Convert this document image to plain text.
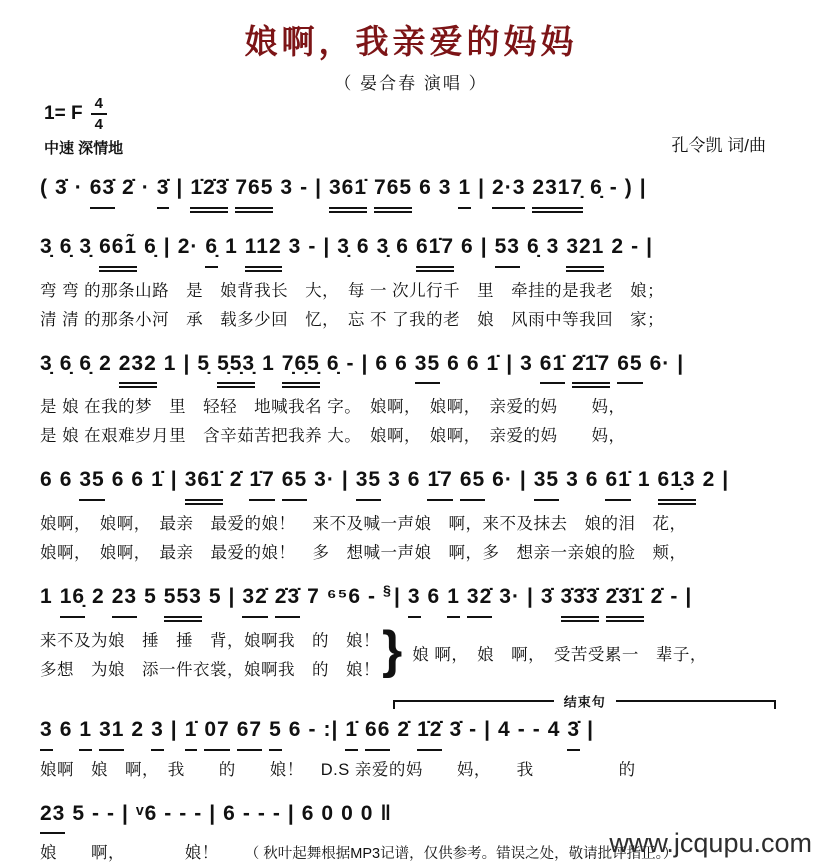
娘啊，我亲爱的妈妈
（ 晏合春 演唱 ）
1= F $\frac{4}{4}$
中速 深情地	孔令凯 词/曲
( 3̇ · 63̇ 2̇ · 3̇ | 1̇2̇3̇ 765 3 - | 361̇ 765 6 3 1 | 2·3 2317̣ 6̣ - ) |
3̣ 6̣ 3̣ 661̃ 6̣ | 2· 6̣ 1 112 3 - | 3̣ 6 3̣ 6 61̇7 6 | 53 6̣ 3 321 2 - |
弯 弯 的那条山路　是　娘背我长　大，　每 一 次儿行千　里　牵挂的是我老　娘；
清 清 的那条小河　承　载多少回　忆，　忘 不 了我的老　娘　风雨中等我回　家；
3̣ 6̣ 6̣ 2 232 1 | 5̣ 5̣5̣3̣ 1 7̣6̣5̣ 6̣ - | 6 6 35 6 6 1̇ | 3 61̇ 2̇1̇7 65 6· |
是 娘 在我的梦　里　轻轻　地喊我名 字。　娘啊，　娘啊，　亲爱的妈　　妈，
是 娘 在艰难岁月里　含辛茹苦把我养 大。　娘啊，　娘啊，　亲爱的妈　　妈，
6 6 35 6 6 1̇ | 361̇ 2̇ 1̇7 65 3· | 35 3 6 1̇7 65 6· | 35 3 6 61̇ 1 61̣3 2 |
娘啊，　娘啊，　最亲　最爱的娘！　来不及喊一声娘　啊，来不及抹去　娘的泪　花，
娘啊，　娘啊，　最亲　最爱的娘！　多　想喊一声娘　啊，多　想亲一亲娘的脸　颊，
1 16̣ 2 23 5 553 5 | 32̇ 2̇3̇ 7 ⁶⁵6 - §| 3 6 1 32̇ 3· | 3̇ 3̇3̇3̇ 2̇3̇1̇ 2̇ - |
来不及为娘　捶　捶　背，娘啊我　的　娘！
多想　为娘　添一件衣裳，娘啊我　的　娘！ } 娘 啊，　娘　啊，　受苦受累一　辈子，
结束句
3 6 1 31 2 3 | 1̇ 07 67 5 6 - :| 1̇ 66 2̇ 1̇2̇ 3̇ - | 4 - - 4 3̇ |
娘啊　娘　啊，　我　　的　　娘！　D.S 亲爱的妈　　妈，　　我　　　　　的
23 5 - - | ᵛ6 - - - | 6 - - - | 6 0 0 0 ‖
娘　　啊，　　　　娘！ （ 秋叶起舞根据MP3记谱，仅供参考。错误之处，敬请批评指正。）
www.jcqupu.com
